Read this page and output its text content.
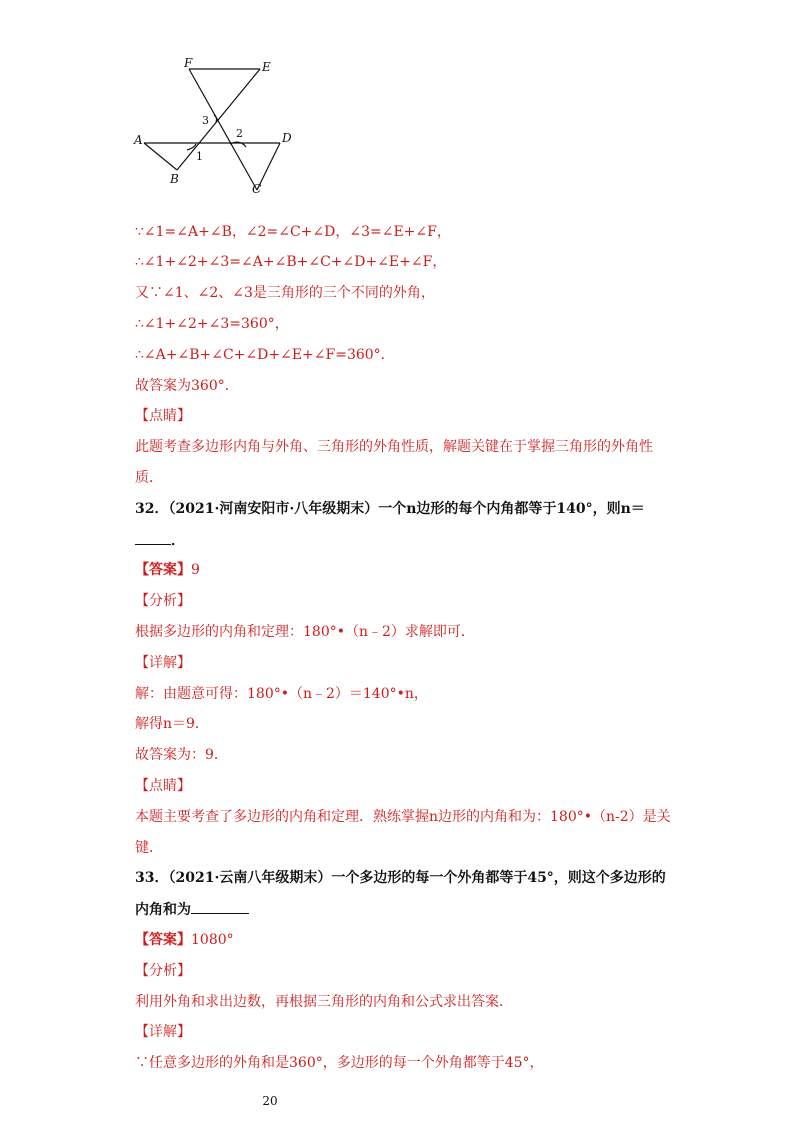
F	E
A	D
B
C
3
2
1
∵∠1=∠A+∠B，∠2=∠C+∠D，∠3=∠E+∠F，
∴∠1+∠2+∠3=∠A+∠B+∠C+∠D+∠E+∠F，
又∵∠1、∠2、∠3是三角形的三个不同的外角，
∴∠1+∠2+∠3=360°，
∴∠A+∠B+∠C+∠D+∠E+∠F=360°．
故答案为360°．
【点睛】
此题考查多边形内角与外角、三角形的外角性质，解题关键在于掌握三角形的外角性
质．
32．（2021·河南安阳市·八年级期末）一个n边形的每个内角都等于140°，则n＝
．
【答案】9
【分析】
根据多边形的内角和定理：180°•（n﹣2）求解即可．
【详解】
解：由题意可得：180°•（n﹣2）＝140°•n，
解得n＝9．
故答案为：9．
【点睛】
本题主要考查了多边形的内角和定理．熟练掌握n边形的内角和为：180°•（n-2）是关
键．
33．（2021·云南八年级期末）一个多边形的每一个外角都等于45°，则这个多边形的
内角和为
【答案】1080°
【分析】
利用外角和求出边数，再根据三角形的内角和公式求出答案．
【详解】
∵任意多边形的外角和是360°，多边形的每一个外角都等于45°，
20
